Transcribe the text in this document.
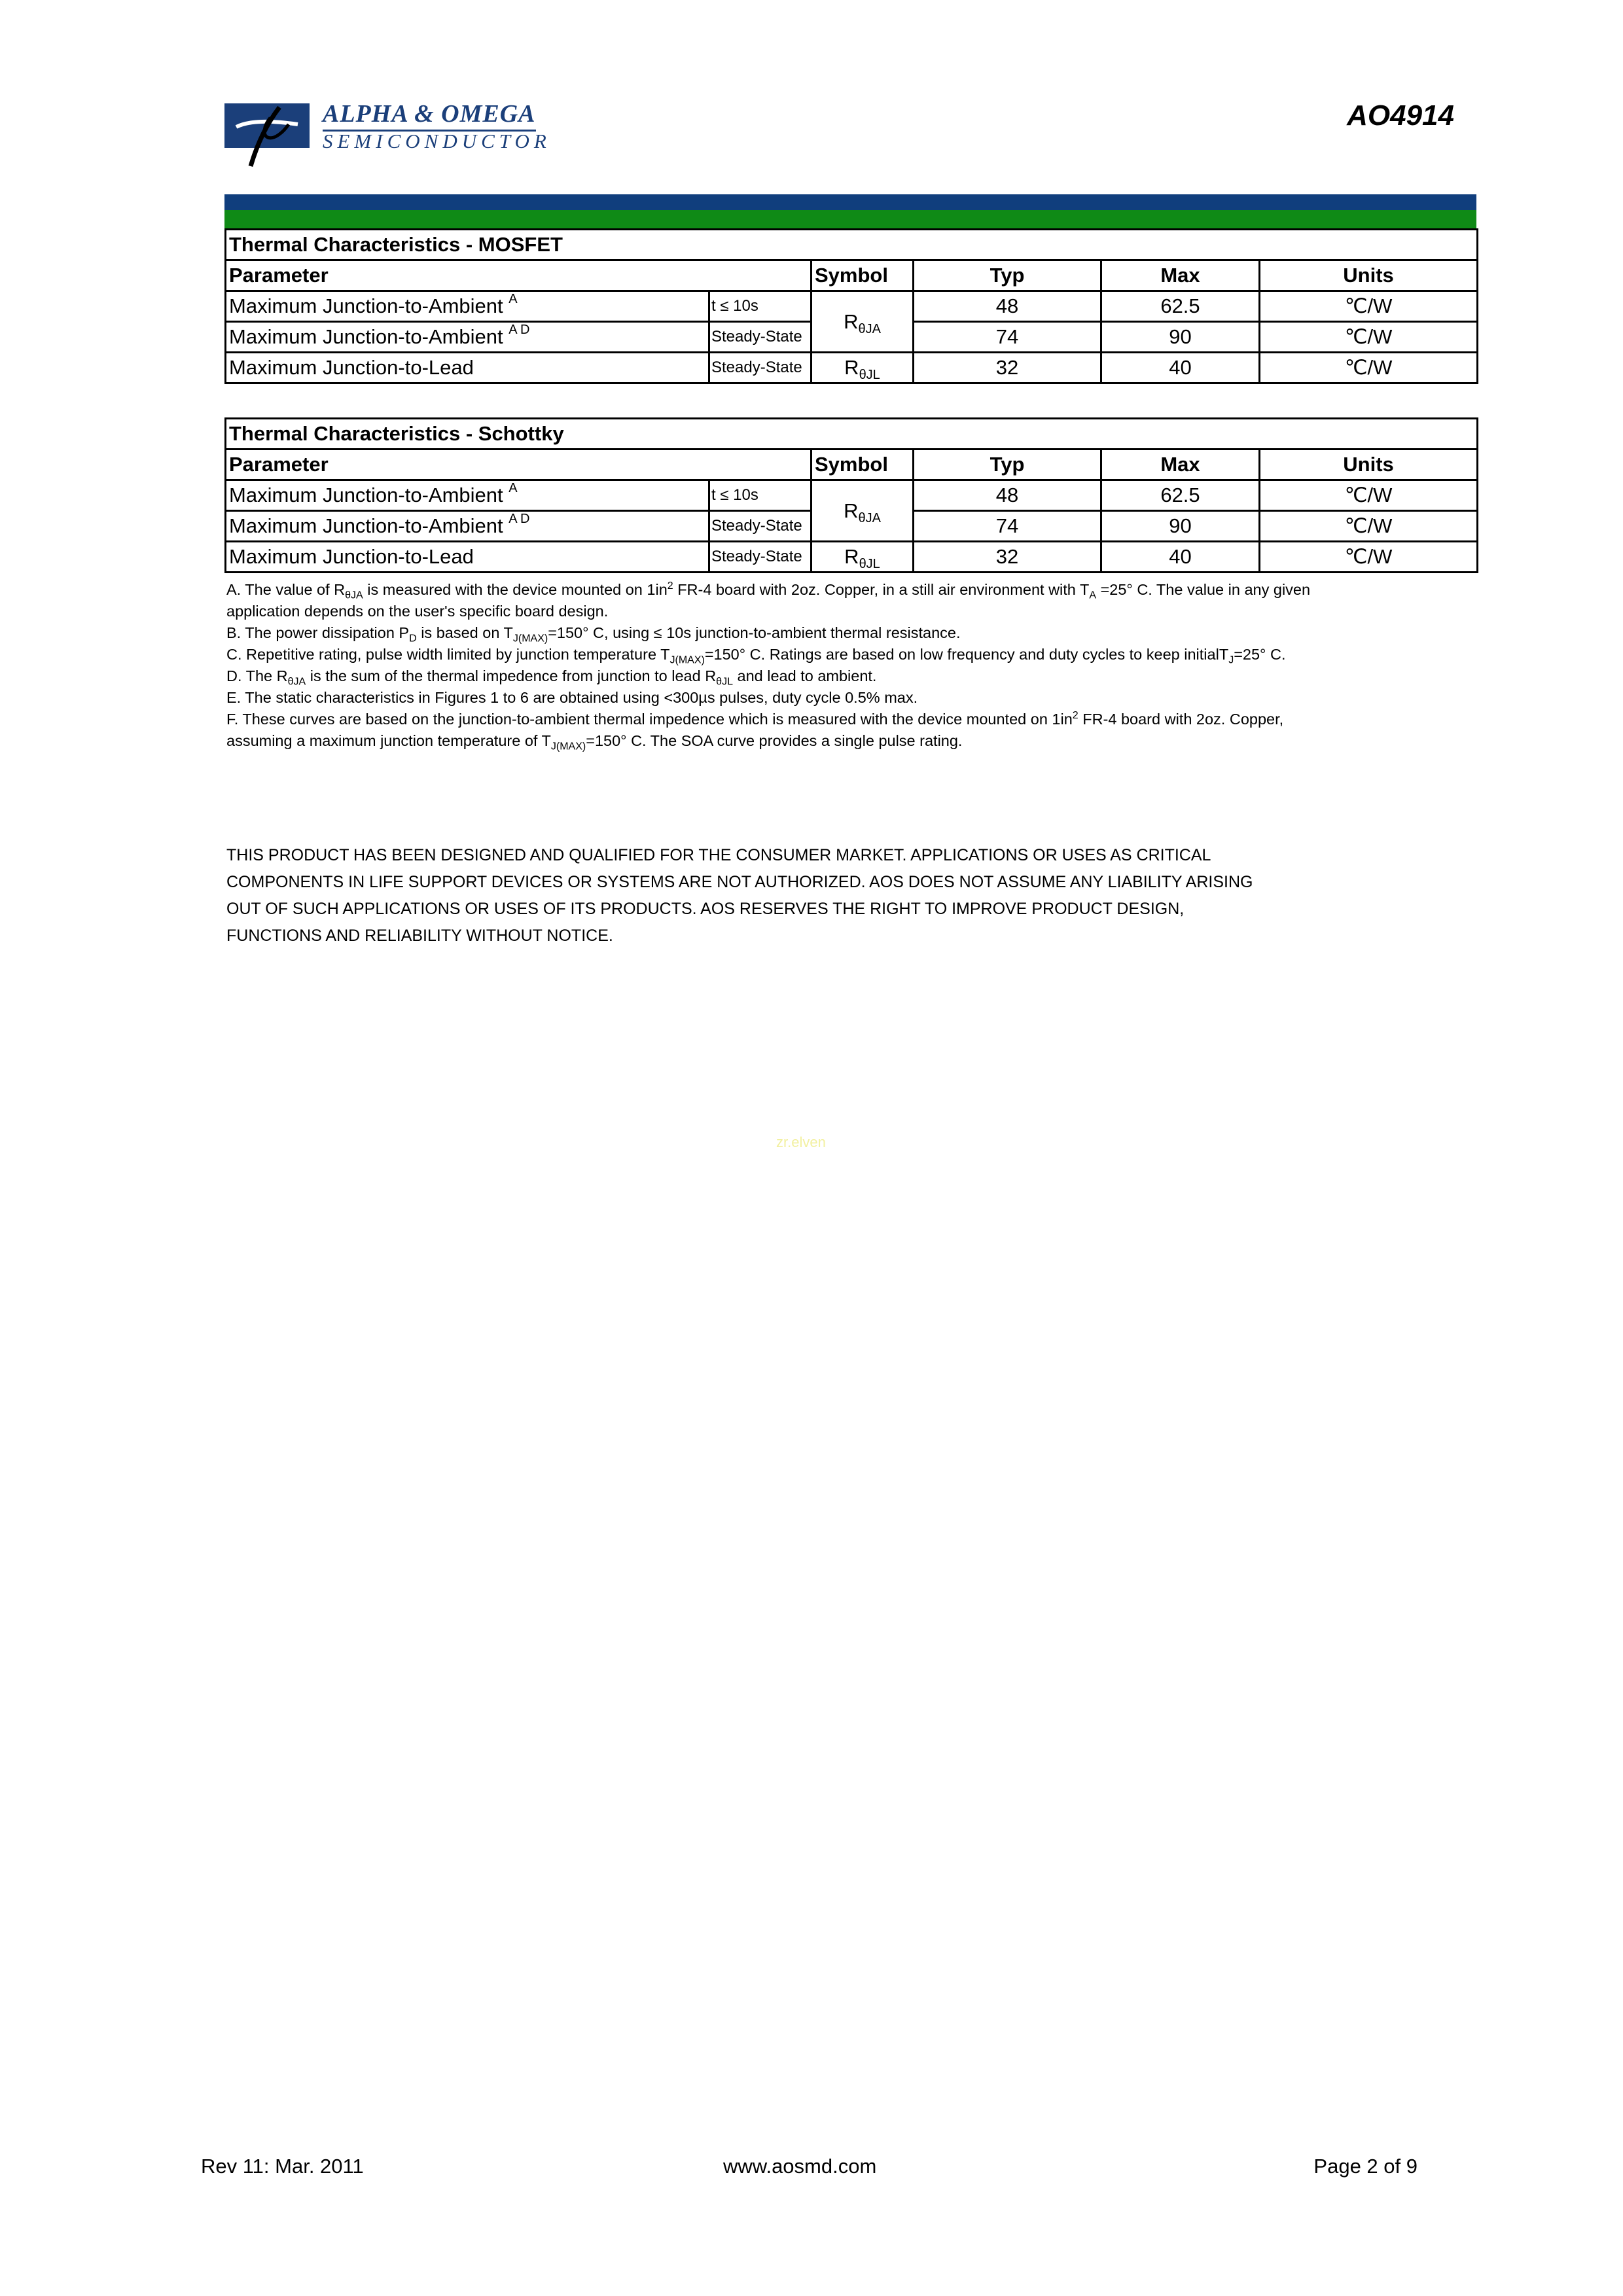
ALPHA & OMEGA
SEMICONDUCTOR
AO4914
Thermal Characteristics - MOSFET					
Parameter		Symbol	Typ	Max	Units
Maximum Junction-to-Ambient $^A$	t ≤ 10s	$R_{\theta JA}$	48	62.5	℃/W
Maximum Junction-to-Ambient $^{A D}$	Steady-State		74	90	℃/W
Maximum Junction-to-Lead	Steady-State	$R_{\theta JL}$	32	40	℃/W
Thermal Characteristics - Schottky					
Parameter		Symbol	Typ	Max	Units
Maximum Junction-to-Ambient $^A$	t ≤ 10s	$R_{\theta JA}$	48	62.5	℃/W
Maximum Junction-to-Ambient $^{A D}$	Steady-State		74	90	℃/W
Maximum Junction-to-Lead	Steady-State	$R_{\theta JL}$	32	40	℃/W

A. The value of $R_{\theta JA}$ is measured with the device mounted on $1in^2$ FR-4 board with 2oz. Copper, in a still air environment with $T_A =25^\circ$ C. The value in any given application depends on the user's specific board design.

B. The power dissipation $P_D$ is based on $T_{J(MAX)}=150^\circ$ C, using ≤ 10s junction-to-ambient thermal resistance.

C. Repetitive rating, pulse width limited by junction temperature $T_{J(MAX)}=150^\circ$ C. Ratings are based on low frequency and duty cycles to keep initialT$_J$=25° C.

D. The $R_{\theta JA}$ is the sum of the thermal impedence from junction to lead $R_{\theta JL}$ and lead to ambient.

E. The static characteristics in Figures 1 to 6 are obtained using <300µs pulses, duty cycle 0.5% max.

F. These curves are based on the junction-to-ambient thermal impedence which is measured with the device mounted on $1in^2$ FR-4 board with 2oz. Copper, assuming a maximum junction temperature of $T_{J(MAX)}=150^\circ$ C. The SOA curve provides a single pulse rating.

THIS PRODUCT HAS BEEN DESIGNED AND QUALIFIED FOR THE CONSUMER MARKET. APPLICATIONS OR USES AS CRITICAL

COMPONENTS IN LIFE SUPPORT DEVICES OR SYSTEMS ARE NOT AUTHORIZED. AOS DOES NOT ASSUME ANY LIABILITY ARISING

OUT OF SUCH APPLICATIONS OR USES OF ITS PRODUCTS. AOS RESERVES THE RIGHT TO IMPROVE PRODUCT DESIGN,

FUNCTIONS AND RELIABILITY WITHOUT NOTICE.

zr.elven
Rev 11: Mar. 2011	www.aosmd.com	Page 2 of 9
